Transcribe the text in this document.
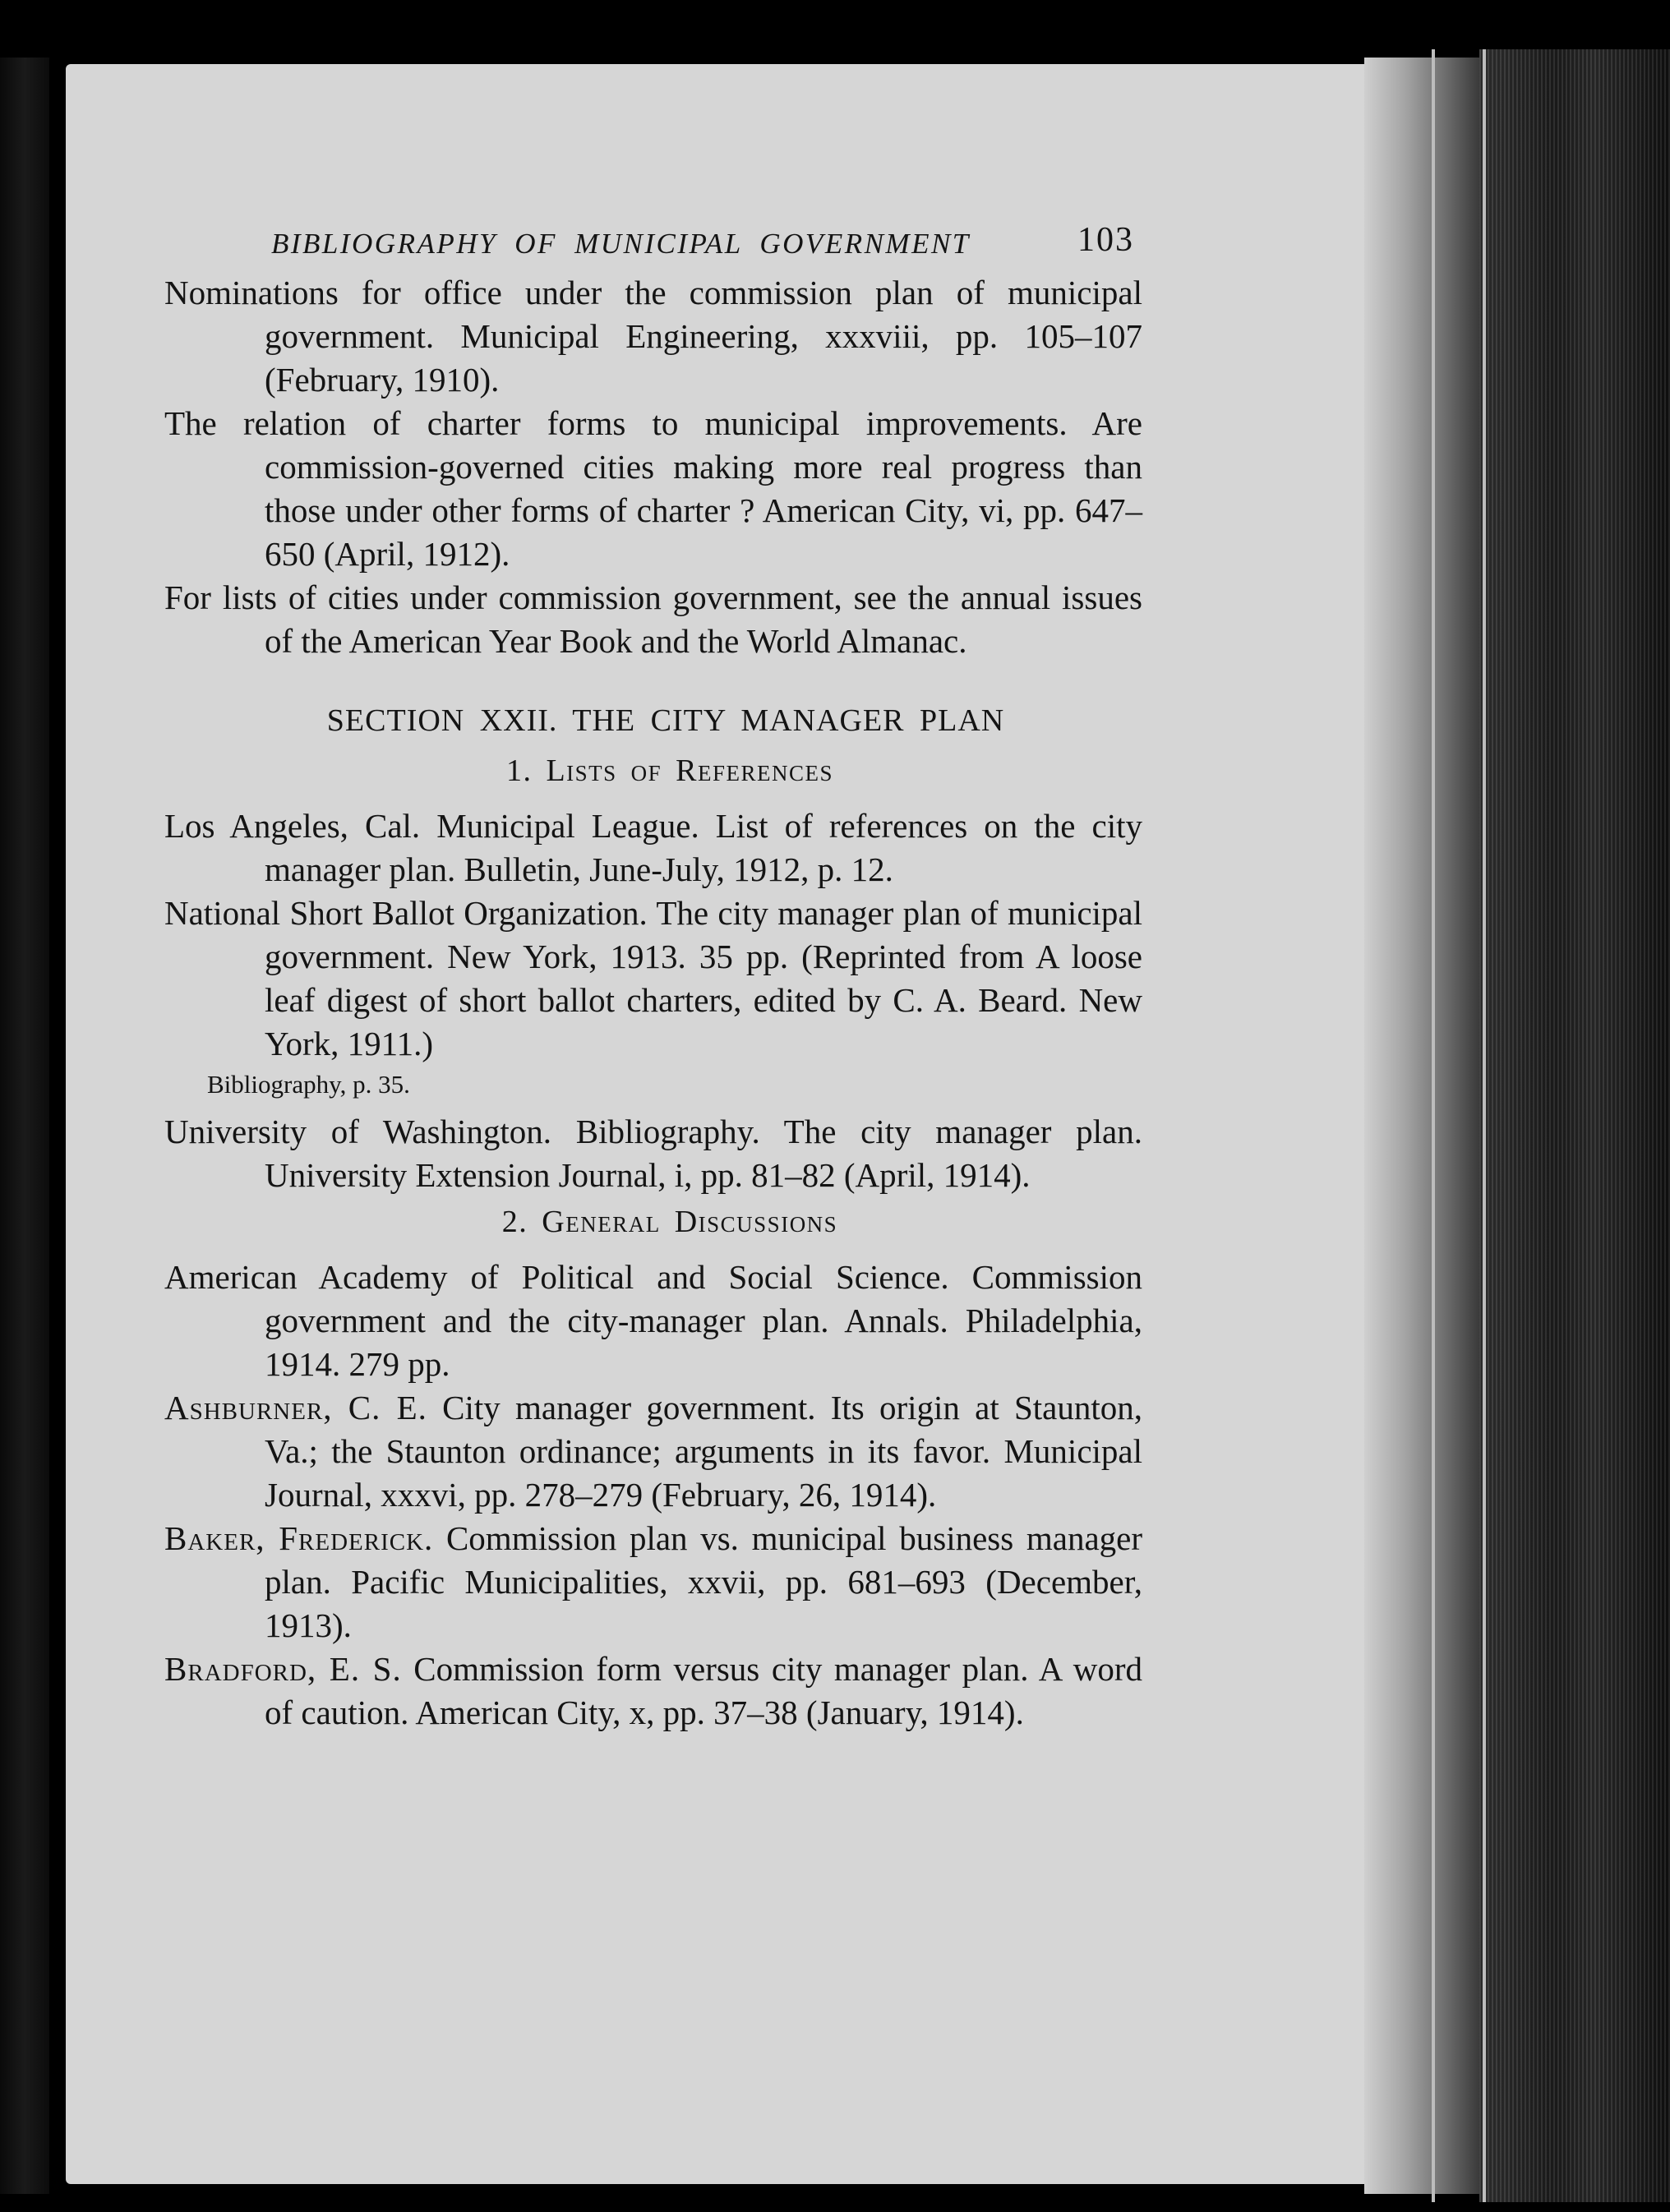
BIBLIOGRAPHY OF MUNICIPAL GOVERNMENT	103
Nominations for office under the commission plan of municipal government. Municipal Engineering, xxxviii, pp. 105–107 (February, 1910).
The relation of charter forms to municipal improvements. Are commission-governed cities making more real progress than those under other forms of charter ? American City, vi, pp. 647–650 (April, 1912).
For lists of cities under commission government, see the annual issues of the American Year Book and the World Almanac.
SECTION XXII. THE CITY MANAGER PLAN
1. Lists of References
Los Angeles, Cal. Municipal League. List of references on the city manager plan. Bulletin, June-July, 1912, p. 12.
National Short Ballot Organization. The city manager plan of municipal government. New York, 1913. 35 pp. (Reprinted from A loose leaf digest of short ballot charters, edited by C. A. Beard. New York, 1911.)
Bibliography, p. 35.
University of Washington. Bibliography. The city manager plan. University Extension Journal, i, pp. 81–82 (April, 1914).
2. General Discussions
American Academy of Political and Social Science. Commission government and the city-manager plan. Annals. Philadelphia, 1914. 279 pp.
Ashburner, C. E. City manager government. Its origin at Staunton, Va.; the Staunton ordinance; arguments in its favor. Municipal Journal, xxxvi, pp. 278–279 (February, 26, 1914).
Baker, Frederick. Commission plan vs. municipal business manager plan. Pacific Municipalities, xxvii, pp. 681–693 (December, 1913).
Bradford, E. S. Commission form versus city manager plan. A word of caution. American City, x, pp. 37–38 (January, 1914).
